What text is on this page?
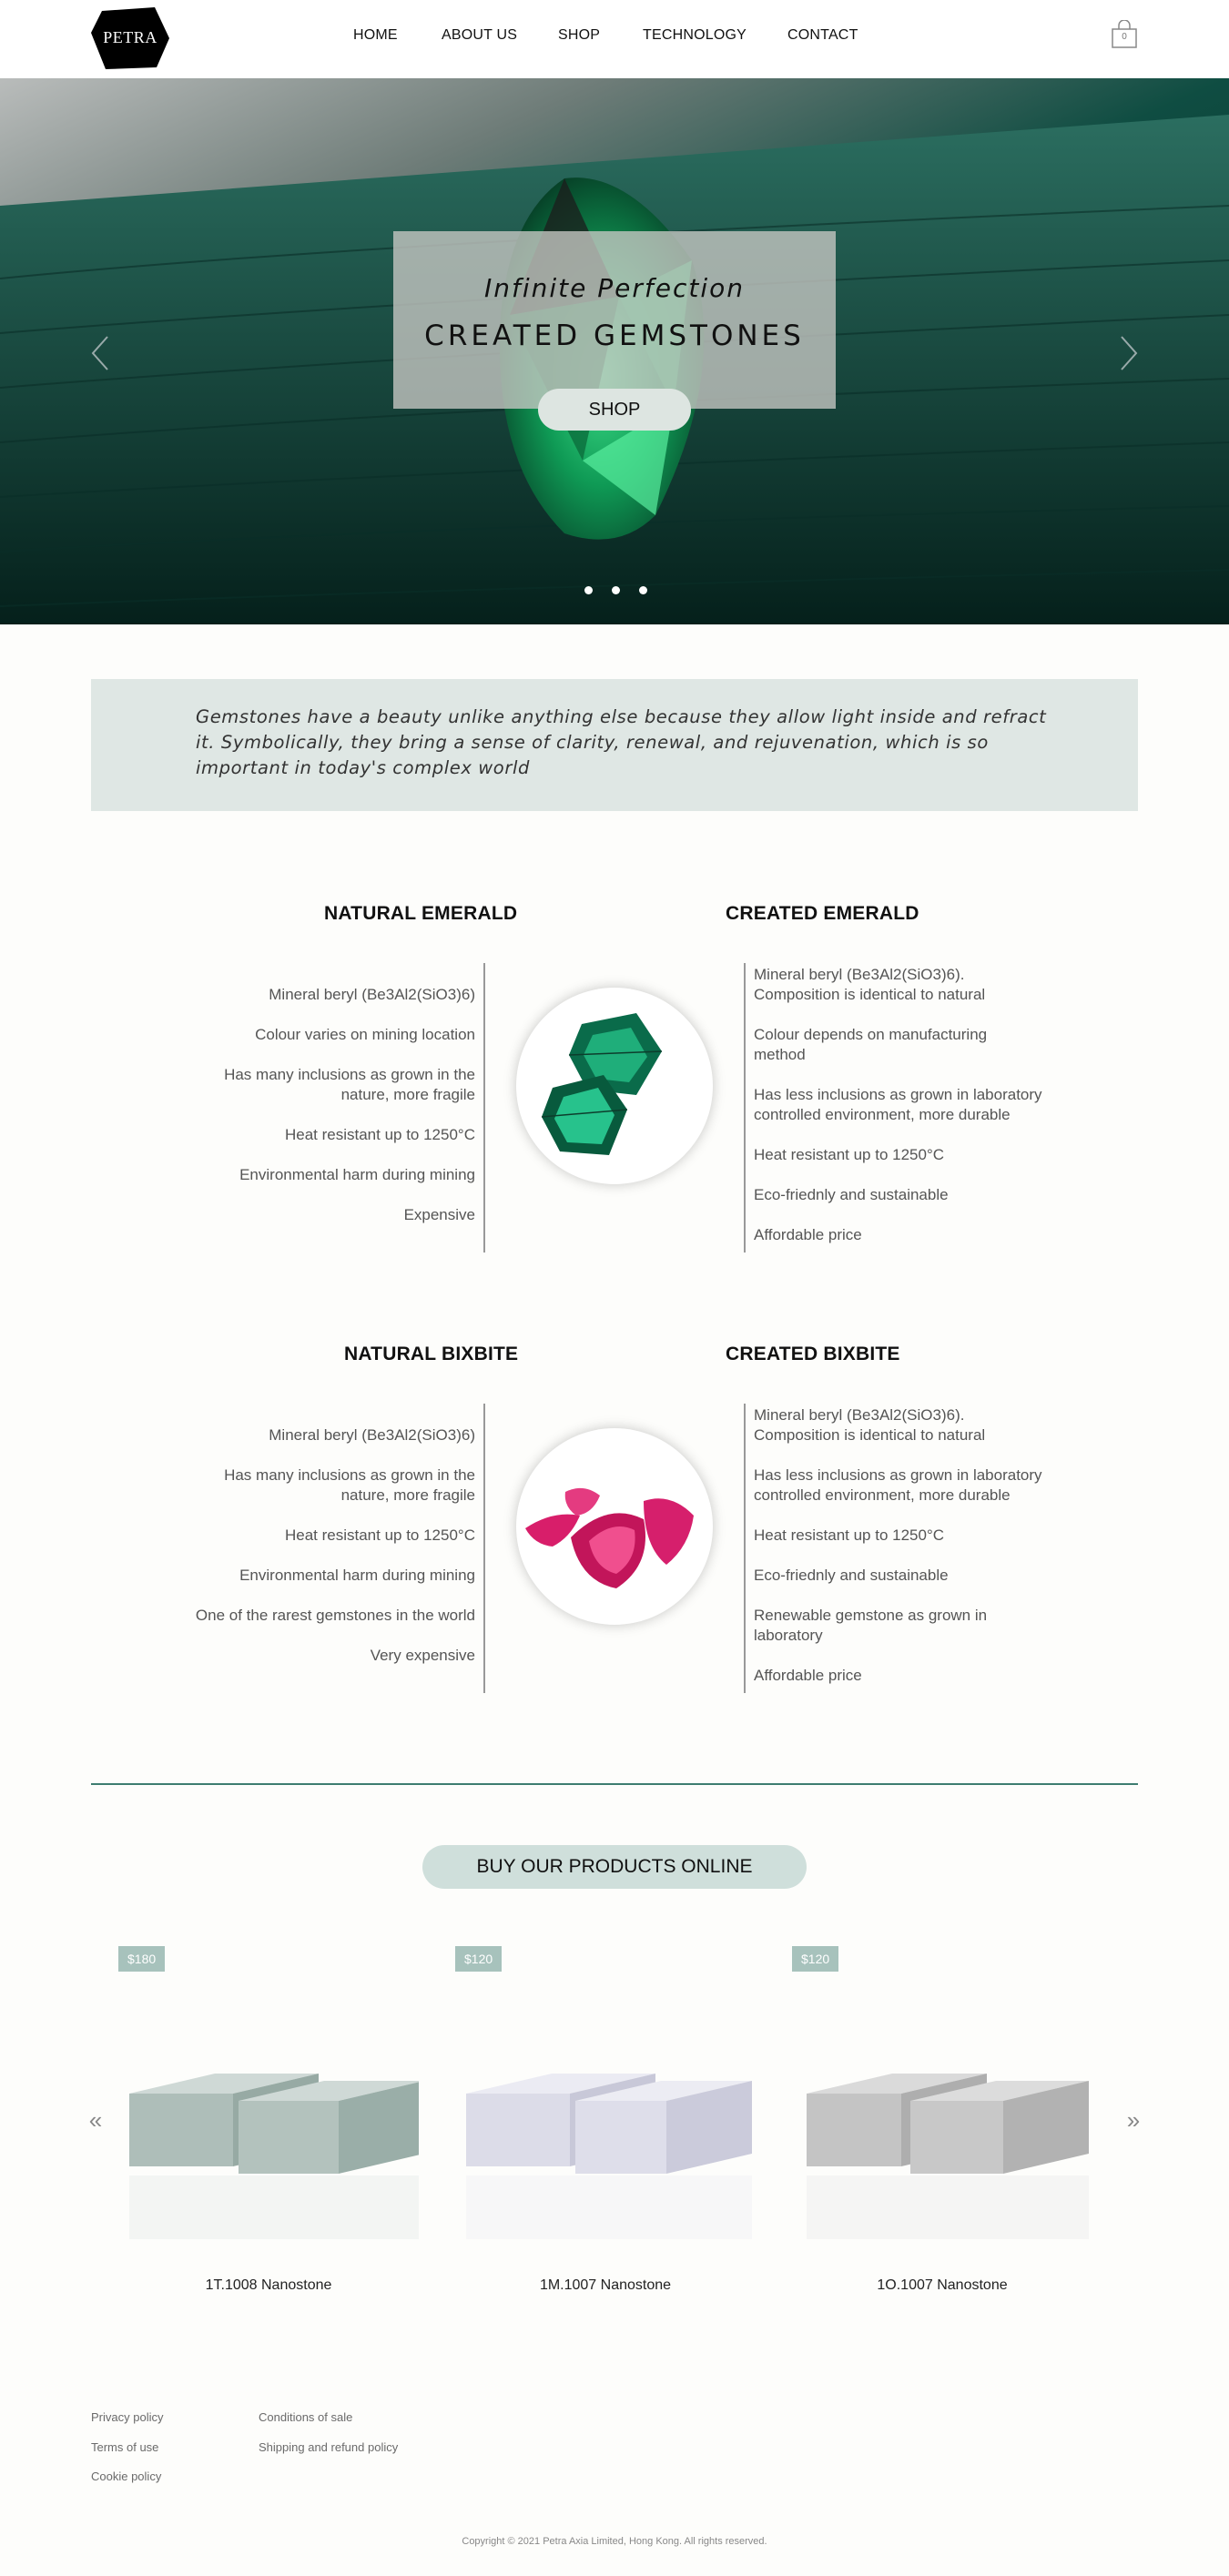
PETRA	HOME	ABOUT US	SHOP	TECHNOLOGY	CONTACT	0
Infinite Perfection
CREATED GEMSTONES
SHOP

Gemstones have a beauty unlike anything else because they allow light inside and refract it. Symbolically, they bring a sense of clarity, renewal, and rejuvenation, which is so important in today's complex world

NATURAL EMERALD	CREATED EMERALD
Mineral beryl (Be3Al2(SiO3)6)
Colour varies on mining location
Has many inclusions as grown in the nature, more fragile
Heat resistant up to 1250°C
Environmental harm during mining
Expensive
Mineral beryl (Be3Al2(SiO3)6). Composition is identical to natural
Colour depends on manufacturing method
Has less inclusions as grown in laboratory controlled environment, more durable
Heat resistant up to 1250°C
Eco-friednly and sustainable
Affordable price
NATURAL BIXBITE	CREATED BIXBITE
Mineral beryl (Be3Al2(SiO3)6)
Has many inclusions as grown in the nature, more fragile
Heat resistant up to 1250°C
Environmental harm during mining
One of the rarest gemstones in the world
Very expensive
Mineral beryl (Be3Al2(SiO3)6). Composition is identical to natural
Has less inclusions as grown in laboratory controlled environment, more durable
Heat resistant up to 1250°C
Eco-friednly and sustainable
Renewable gemstone as grown in laboratory
Affordable price
BUY OUR PRODUCTS ONLINE
«	»
$180
1T.1008 Nanostone
$120
1M.1007 Nanostone
$120
1O.1007 Nanostone
Privacy policy
Terms of use
Cookie policy
Conditions of sale
Shipping and refund policy
Copyright © 2021 Petra Axia Limited, Hong Kong. All rights reserved.
